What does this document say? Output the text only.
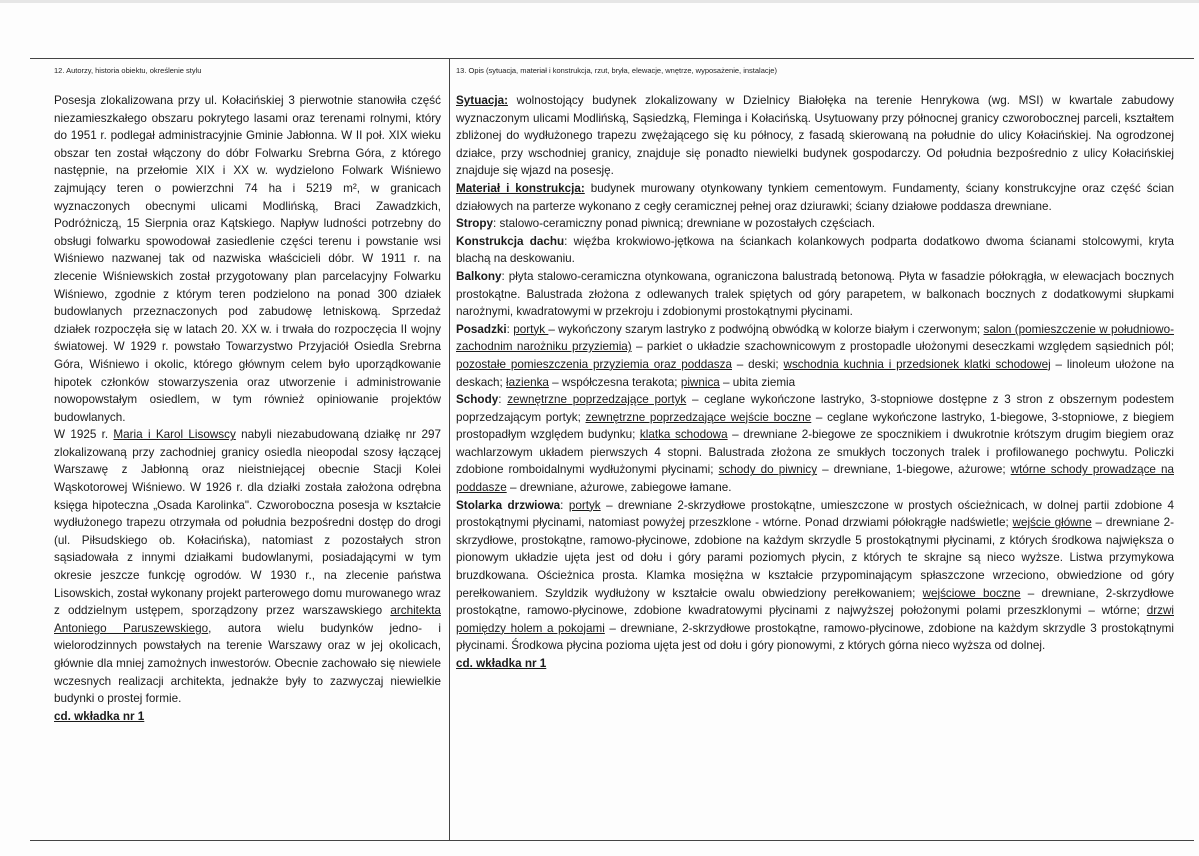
12. Autorzy, historia obiektu, określenie stylu	13. Opis (sytuacja, materiał i konstrukcja, rzut, bryła, elewacje, wnętrze, wyposażenie, instalacje)

Posesja zlokalizowana przy ul. Kołacińskiej 3 pierwotnie stanowiła część niezamieszkałego obszaru pokrytego lasami oraz terenami rolnymi, który do 1951 r. podlegał administracyjnie Gminie Jabłonna. W II poł. XIX wieku obszar ten został włączony do dóbr Folwarku Srebrna Góra, z którego następnie, na przełomie XIX i XX w. wydzielono Folwark Wiśniewo zajmujący teren o powierzchni 74 ha i 5219 m², w granicach wyznaczonych obecnymi ulicami Modlińską, Braci Zawadzkich, Podróżniczą, 15 Sierpnia oraz Kątskiego. Napływ ludności potrzebny do obsługi folwarku spowodował zasiedlenie części terenu i powstanie wsi Wiśniewo nazwanej tak od nazwiska właścicieli dóbr. W 1911 r. na zlecenie Wiśniewskich został przygotowany plan parcelacyjny Folwarku Wiśniewo, zgodnie z którym teren podzielono na ponad 300 działek budowlanych przeznaczonych pod zabudowę letniskową. Sprzedaż działek rozpoczęła się w latach 20. XX w. i trwała do rozpoczęcia II wojny światowej. W 1929 r. powstało Towarzystwo Przyjaciół Osiedla Srebrna Góra, Wiśniewo i okolic, którego głównym celem było uporządkowanie hipotek członków stowarzyszenia oraz utworzenie i administrowanie nowopowstałym osiedlem, w tym również opiniowanie projektów budowlanych.

W 1925 r. Maria i Karol Lisowscy nabyli niezabudowaną działkę nr 297 zlokalizowaną przy zachodniej granicy osiedla nieopodal szosy łączącej Warszawę z Jabłonną oraz nieistniejącej obecnie Stacji Kolei Wąskotorowej Wiśniewo. W 1926 r. dla działki została założona odrębna księga hipoteczna „Osada Karolinka". Czworoboczna posesja w kształcie wydłużonego trapezu otrzymała od południa bezpośredni dostęp do drogi (ul. Piłsudskiego ob. Kołacińska), natomiast z pozostałych stron sąsiadowała z innymi działkami budowlanymi, posiadającymi w tym okresie jeszcze funkcję ogrodów. W 1930 r., na zlecenie państwa Lisowskich, został wykonany projekt parterowego domu murowanego wraz z oddzielnym ustępem, sporządzony przez warszawskiego architekta Antoniego Paruszewskiego, autora wielu budynków jedno- i wielorodzinnych powstałych na terenie Warszawy oraz w jej okolicach, głównie dla mniej zamożnych inwestorów. Obecnie zachowało się niewiele wczesnych realizacji architekta, jednakże były to zazwyczaj niewielkie budynki o prostej formie.

cd. wkładka nr 1

Sytuacja: wolnostojący budynek zlokalizowany w Dzielnicy Białołęka na terenie Henrykowa (wg. MSI) w kwartale zabudowy wyznaczonym ulicami Modlińską, Sąsiedzką, Fleminga i Kołacińską. Usytuowany przy północnej granicy czworobocznej parceli, kształtem zbliżonej do wydłużonego trapezu zwężającego się ku północy, z fasadą skierowaną na południe do ulicy Kołacińskiej. Na ogrodzonej działce, przy wschodniej granicy, znajduje się ponadto niewielki budynek gospodarczy. Od południa bezpośrednio z ulicy Kołacińskiej znajduje się wjazd na posesję.

Materiał i konstrukcja: budynek murowany otynkowany tynkiem cementowym. Fundamenty, ściany konstrukcyjne oraz część ścian działowych na parterze wykonano z cegły ceramicznej pełnej oraz dziurawki; ściany działowe poddasza drewniane.

Stropy: stalowo-ceramiczny ponad piwnicą; drewniane w pozostałych częściach.

Konstrukcja dachu: więźba krokwiowo-jętkowa na ściankach kolankowych podparta dodatkowo dwoma ścianami stolcowymi, kryta blachą na deskowaniu.

Balkony: płyta stalowo-ceramiczna otynkowana, ograniczona balustradą betonową. Płyta w fasadzie półokrągła, w elewacjach bocznych prostokątne. Balustrada złożona z odlewanych tralek spiętych od góry parapetem, w balkonach bocznych z dodatkowymi słupkami narożnymi, kwadratowymi w przekroju i zdobionymi prostokątnymi płycinami.

Posadzki: portyk – wykończony szarym lastryko z podwójną obwódką w kolorze białym i czerwonym; salon (pomieszczenie w południowo-zachodnim narożniku przyziemia) – parkiet o układzie szachownicowym z prostopadle ułożonymi deseczkami względem sąsiednich pól; pozostałe pomieszczenia przyziemia oraz poddasza – deski; wschodnia kuchnia i przedsionek klatki schodowej – linoleum ułożone na deskach; łazienka – współczesna terakota; piwnica – ubita ziemia

Schody: zewnętrzne poprzedzające portyk – ceglane wykończone lastryko, 3-stopniowe dostępne z 3 stron z obszernym podestem poprzedzającym portyk; zewnętrzne poprzedzające wejście boczne – ceglane wykończone lastryko, 1-biegowe, 3-stopniowe, z biegiem prostopadłym względem budynku; klatka schodowa – drewniane 2-biegowe ze spocznikiem i dwukrotnie krótszym drugim biegiem oraz wachlarzowym układem pierwszych 4 stopni. Balustrada złożona ze smukłych toczonych tralek i profilowanego pochwytu. Policzki zdobione romboidalnymi wydłużonymi płycinami; schody do piwnicy – drewniane, 1-biegowe, ażurowe; wtórne schody prowadzące na poddasze – drewniane, ażurowe, zabiegowe łamane.

Stolarka drzwiowa: portyk – drewniane 2-skrzydłowe prostokątne, umieszczone w prostych ościeżnicach, w dolnej partii zdobione 4 prostokątnymi płycinami, natomiast powyżej przeszklone - wtórne. Ponad drzwiami półokrągłe nadświetle; wejście główne – drewniane 2-skrzydłowe, prostokątne, ramowo-płycinowe, zdobione na każdym skrzydle 5 prostokątnymi płycinami, z których środkowa największa o pionowym układzie ujęta jest od dołu i góry parami poziomych płycin, z których te skrajne są nieco wyższe. Listwa przymykowa bruzdkowana. Ościeżnica prosta. Klamka mosiężna w kształcie przypominającym spłaszczone wrzeciono, obwiedzione od góry perełkowaniem. Szyldzik wydłużony w kształcie owalu obwiedziony perełkowaniem; wejściowe boczne – drewniane, 2-skrzydłowe prostokątne, ramowo-płycinowe, zdobione kwadratowymi płycinami z najwyższej położonymi polami przeszklonymi – wtórne; drzwi pomiędzy holem a pokojami – drewniane, 2-skrzydłowe prostokątne, ramowo-płycinowe, zdobione na każdym skrzydle 3 prostokątnymi płycinami. Środkowa płycina pozioma ujęta jest od dołu i góry pionowymi, z których górna nieco wyższa od dolnej.

cd. wkładka nr 1
